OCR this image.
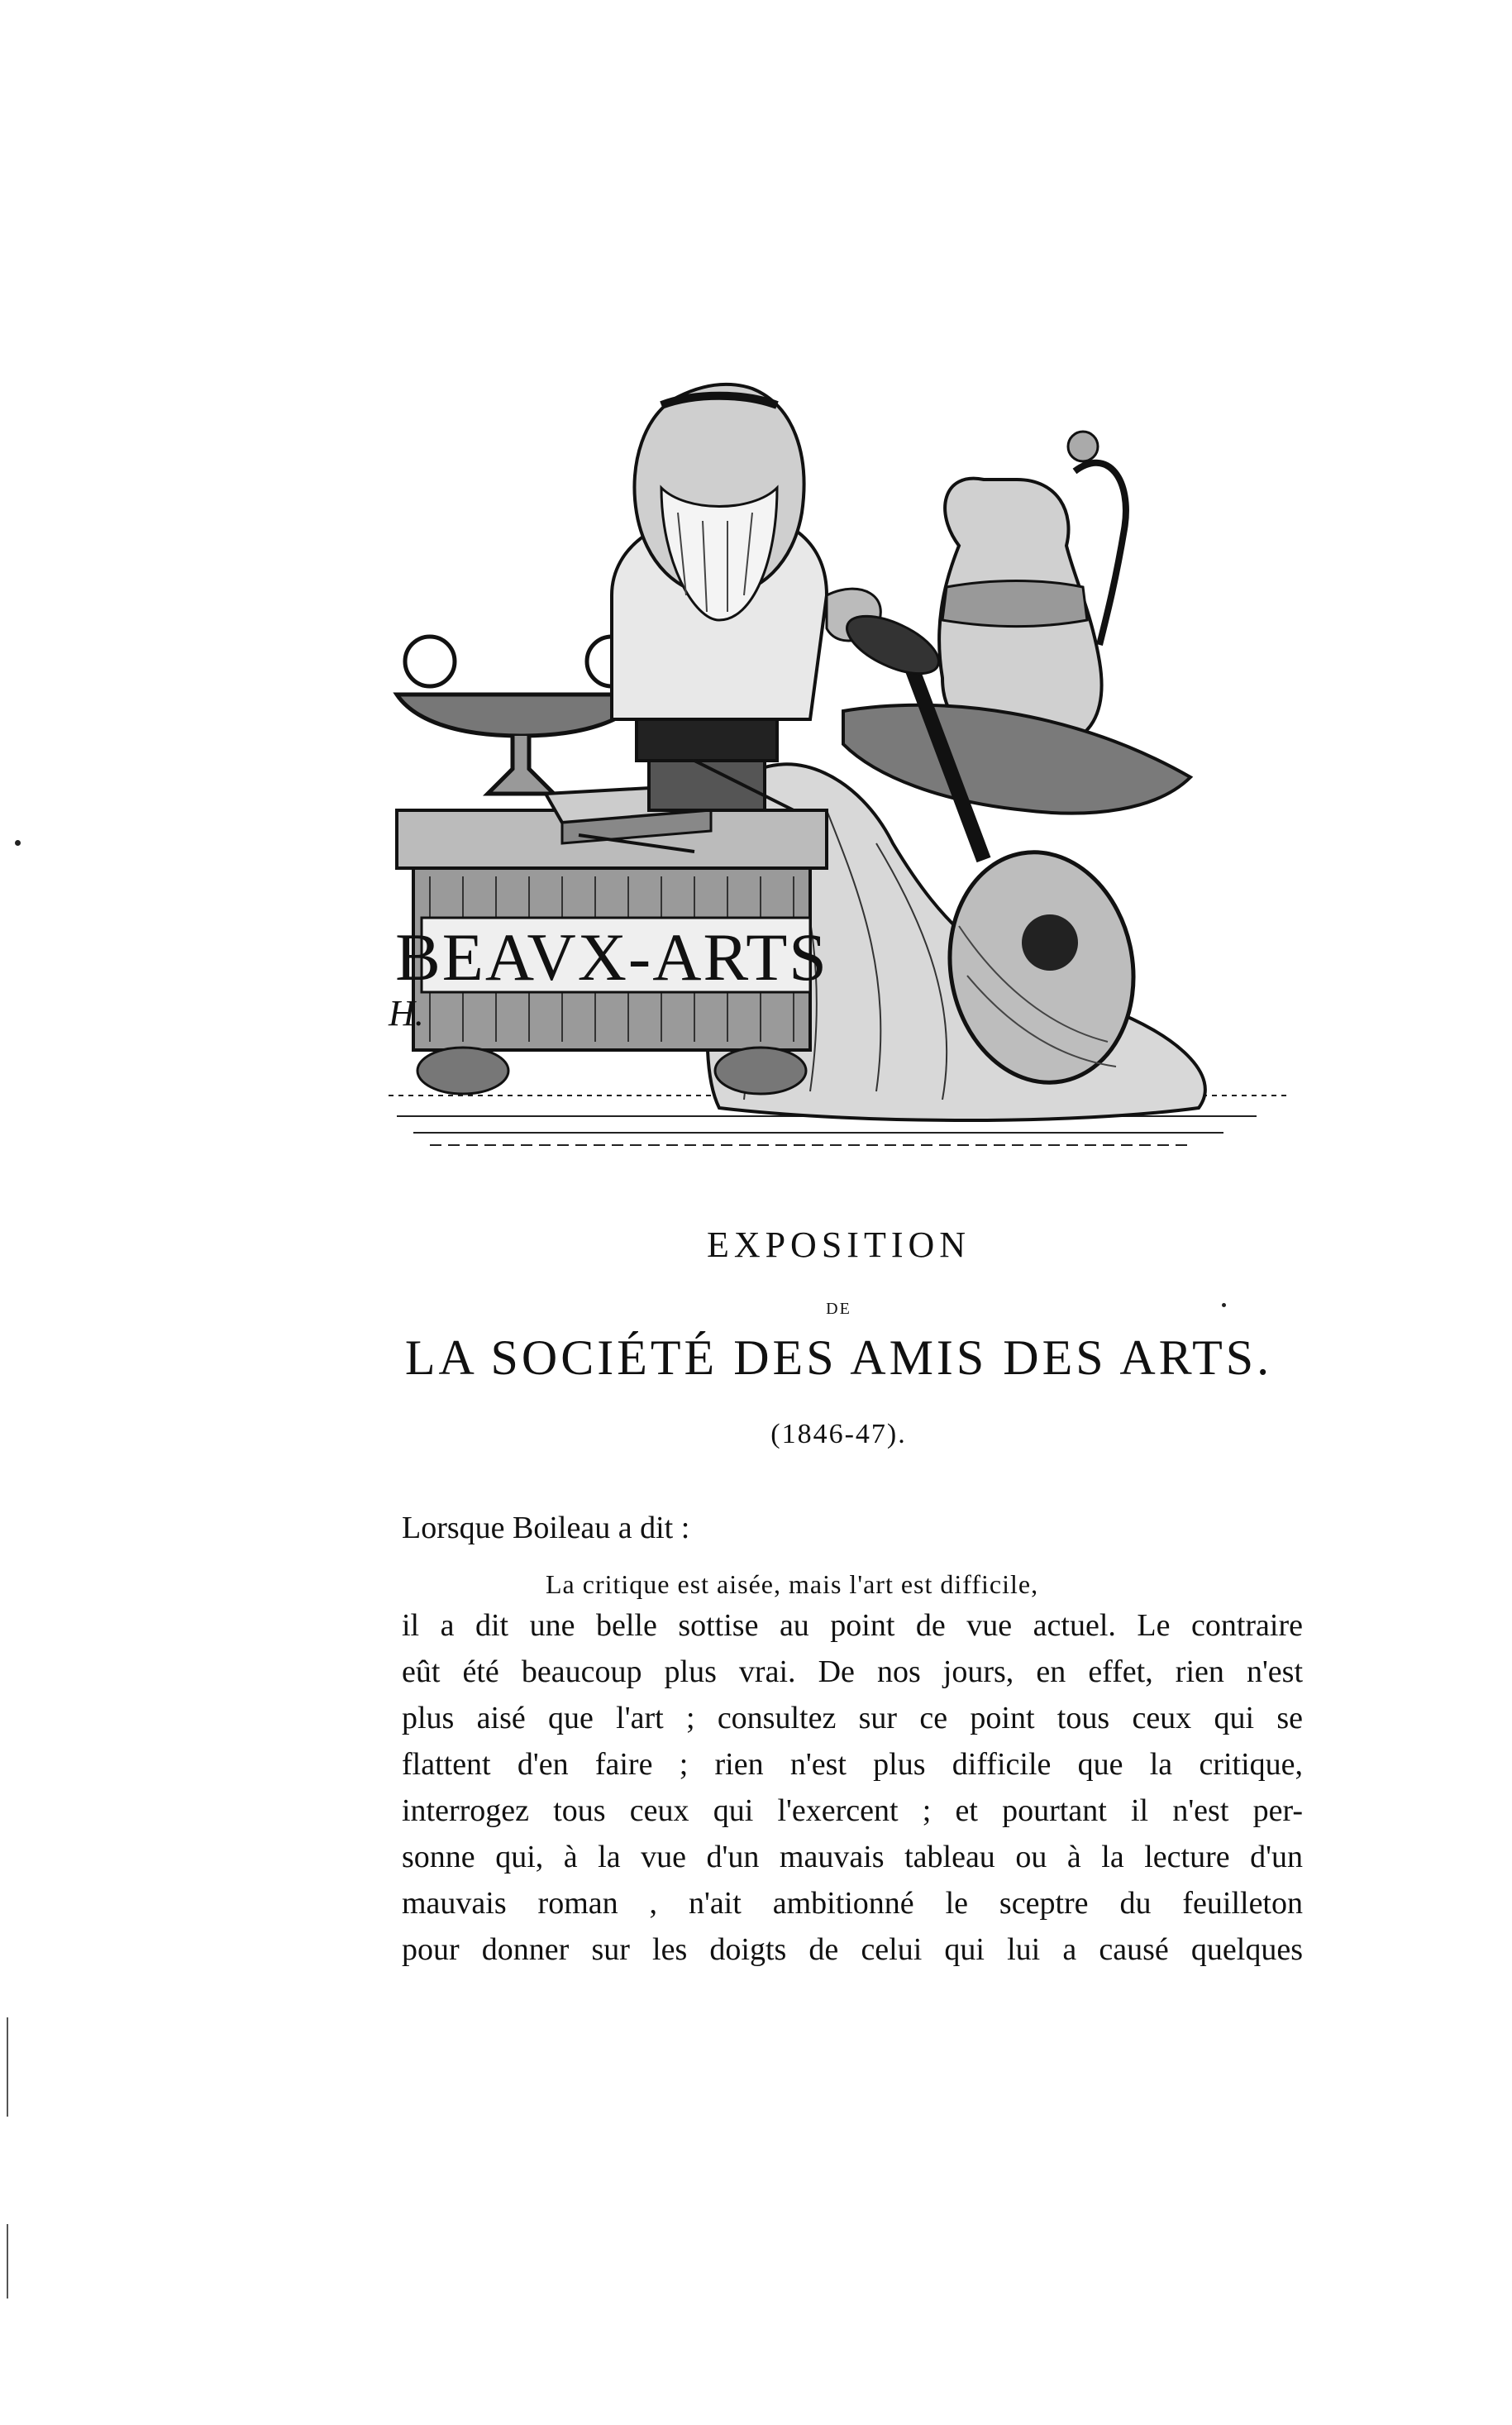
BEAVX-ARTS
H.
EXPOSITION
DE
LA SOCIÉTÉ DES AMIS DES ARTS.
(1846-47).
Lorsque Boileau a dit :
La critique est aisée, mais l'art est difficile,
il a dit une belle sottise au point de vue actuel. Le contraire
eût été beaucoup plus vrai. De nos jours, en effet, rien n'est
plus aisé que l'art ; consultez sur ce point tous ceux qui se
flattent d'en faire ; rien n'est plus difficile que la critique,
interrogez tous ceux qui l'exercent ; et pourtant il n'est per-
sonne qui, à la vue d'un mauvais tableau ou à la lecture d'un
mauvais roman , n'ait ambitionné le sceptre du feuilleton
pour donner sur les doigts de celui qui lui a causé quelques
